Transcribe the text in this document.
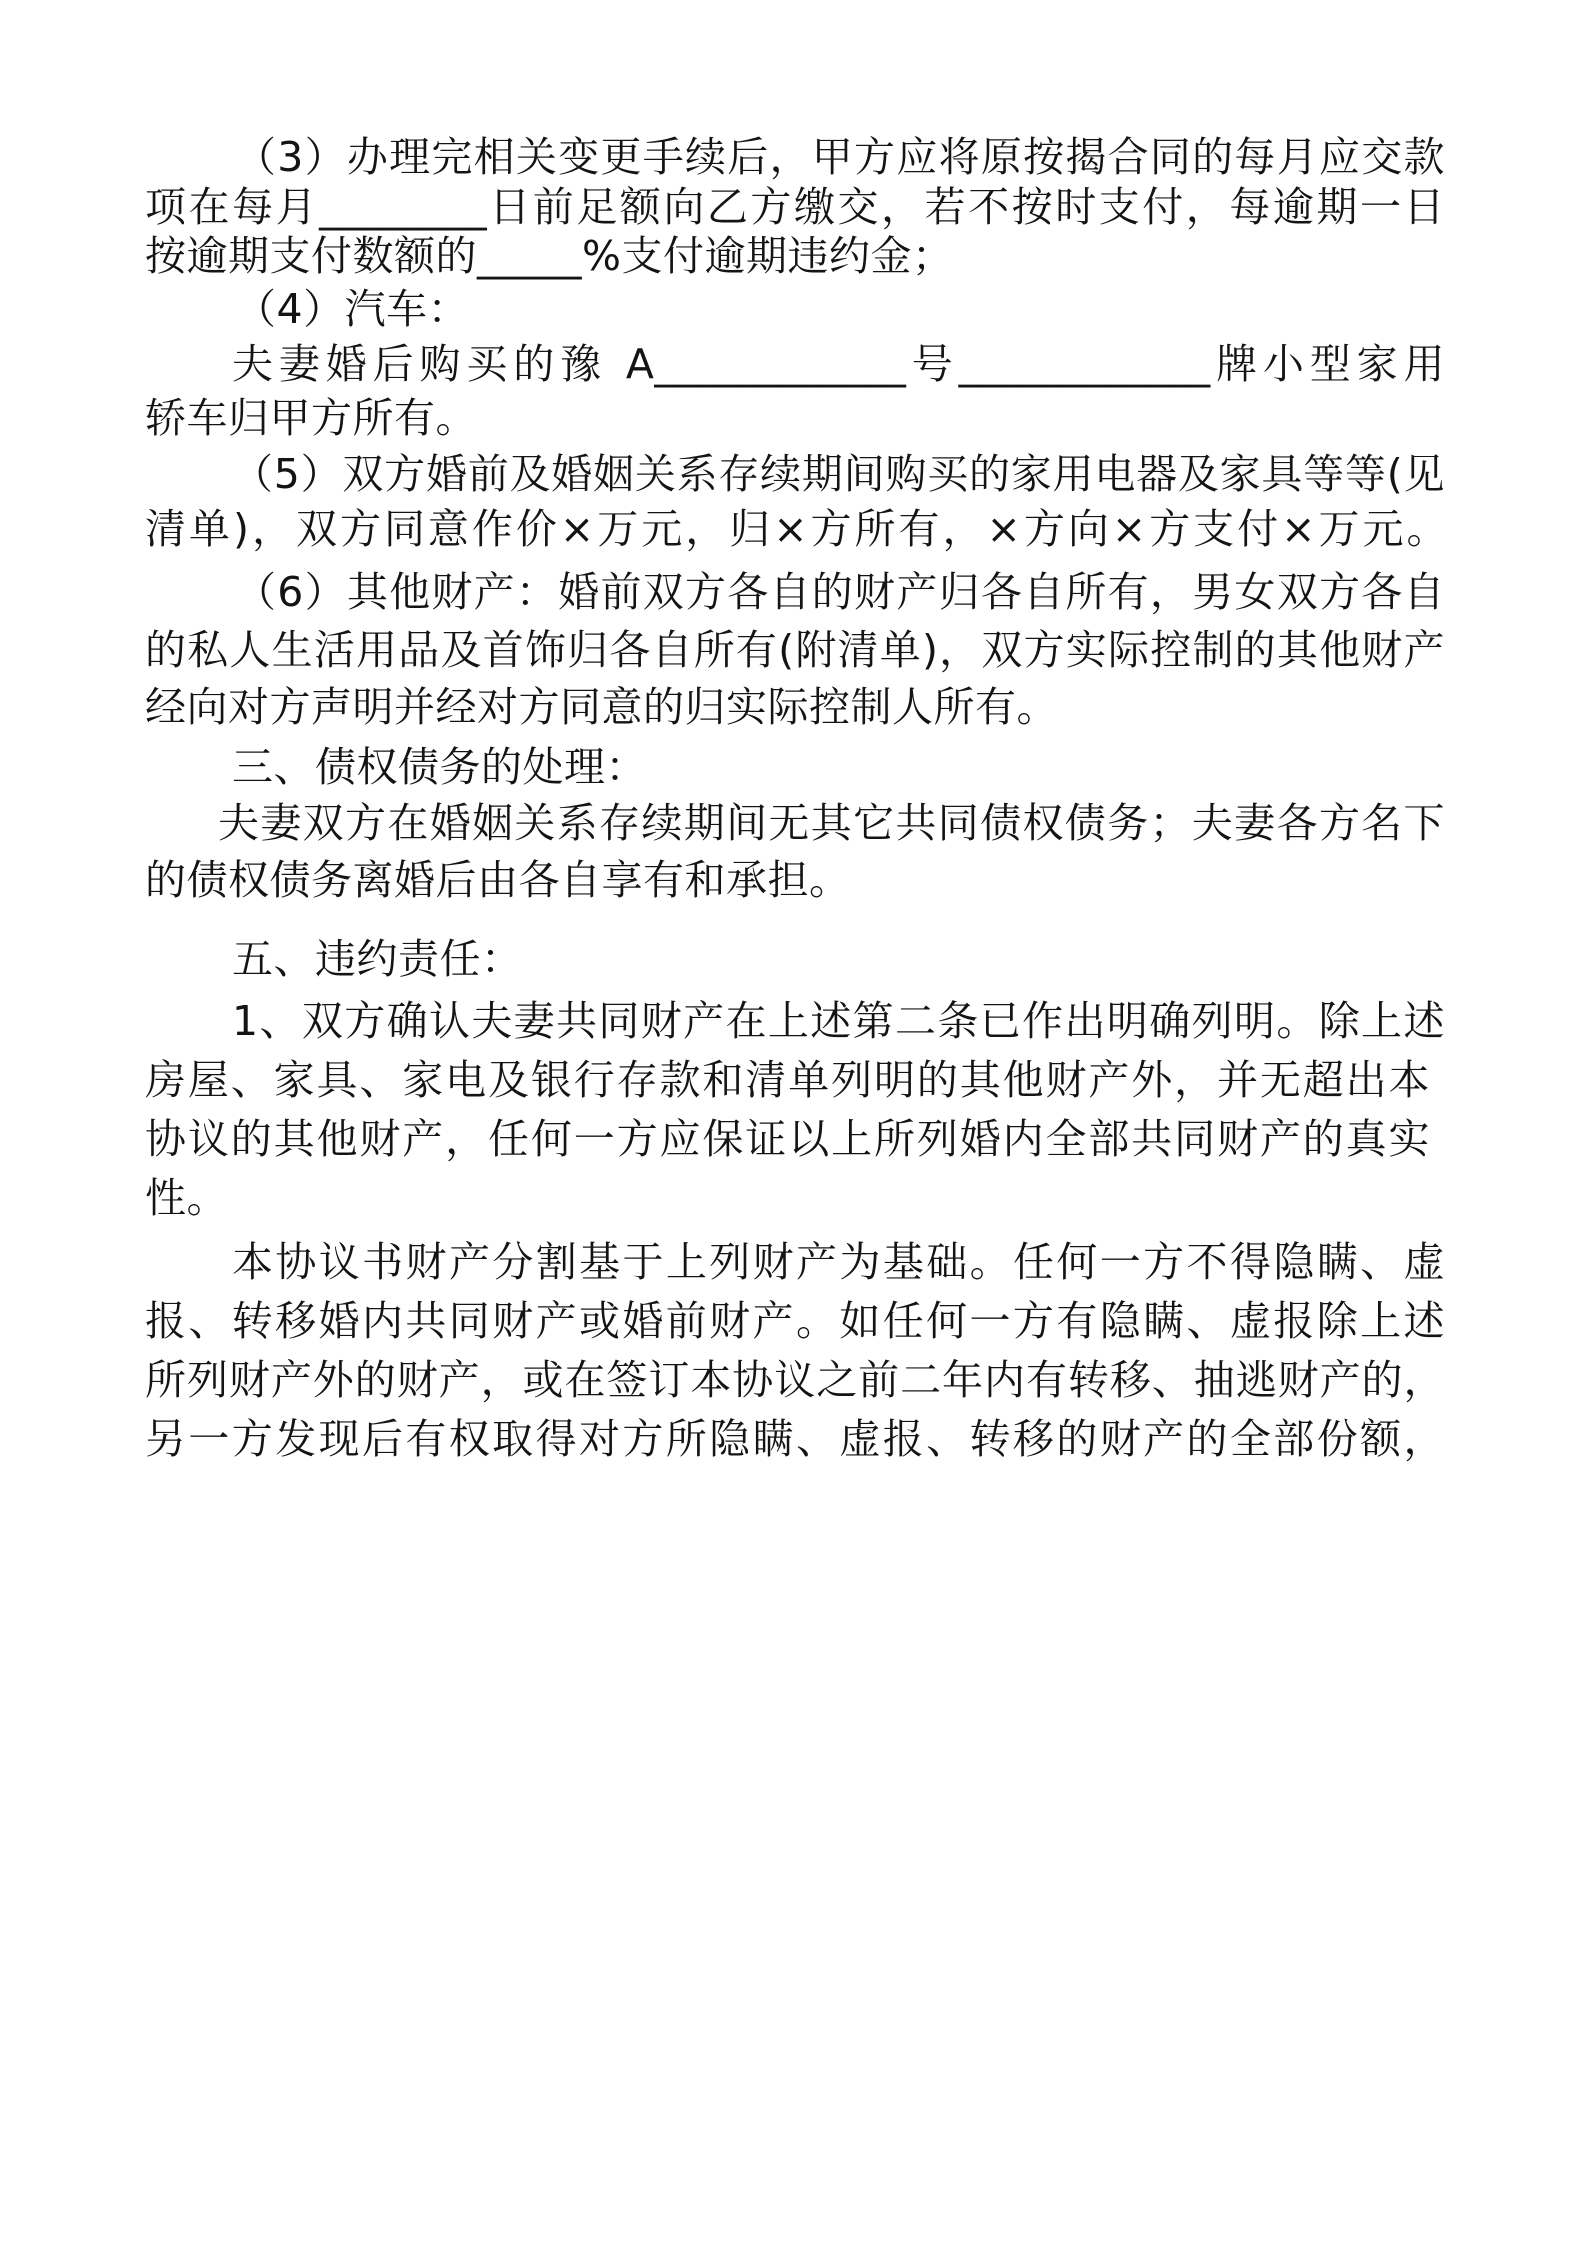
（3）办理完相关变更手续后，甲方应将原按揭合同的每月应交款
项在每月________日前足额向乙方缴交，若不按时支付，每逾期一日
按逾期支付数额的_____%支付逾期违约金；
（4）汽车：
夫妻婚后购买的豫 A____________号____________牌小型家用
轿车归甲方所有。
（5）双方婚前及婚姻关系存续期间购买的家用电器及家具等等(见
清单)，双方同意作价×万元，归×方所有，×方向×方支付×万元。
（6）其他财产：婚前双方各自的财产归各自所有，男女双方各自
的私人生活用品及首饰归各自所有(附清单)，双方实际控制的其他财产
经向对方声明并经对方同意的归实际控制人所有。
三、债权债务的处理：
夫妻双方在婚姻关系存续期间无其它共同债权债务；夫妻各方名下
的债权债务离婚后由各自享有和承担。
五、违约责任：
1、双方确认夫妻共同财产在上述第二条已作出明确列明。除上述
房屋、家具、家电及银行存款和清单列明的其他财产外，并无超出本
协议的其他财产，任何一方应保证以上所列婚内全部共同财产的真实
性。
本协议书财产分割基于上列财产为基础。任何一方不得隐瞒、虚
报、转移婚内共同财产或婚前财产。如任何一方有隐瞒、虚报除上述
所列财产外的财产，或在签订本协议之前二年内有转移、抽逃财产的，
另一方发现后有权取得对方所隐瞒、虚报、转移的财产的全部份额，
